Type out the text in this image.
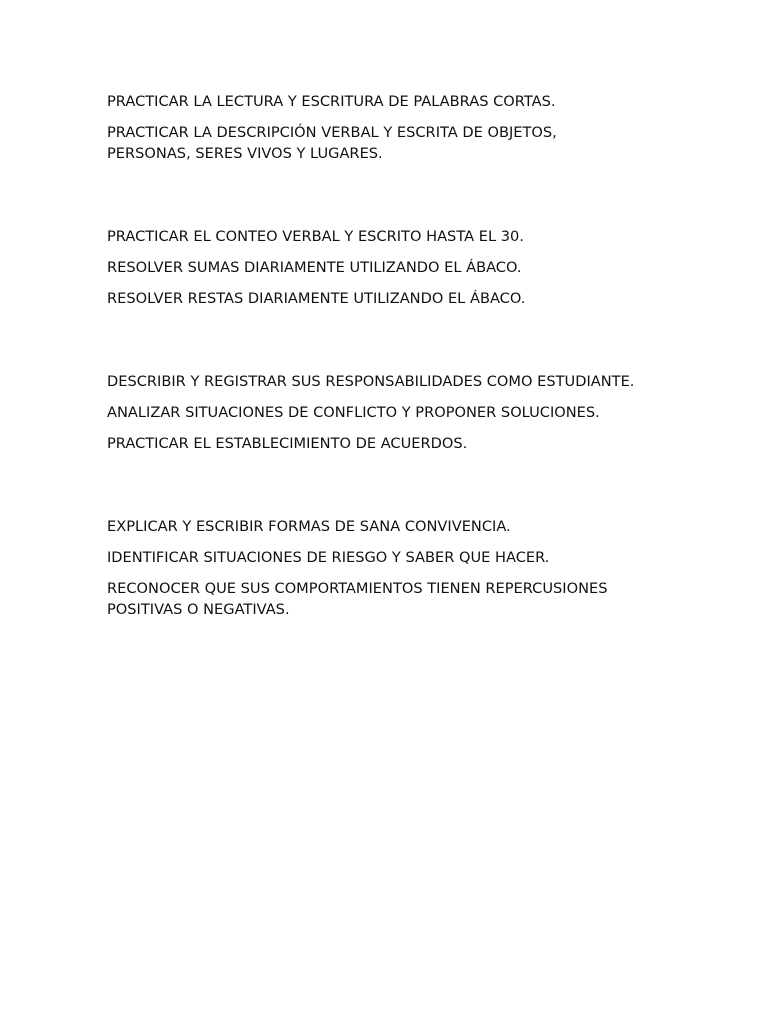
PRACTICAR LA LECTURA Y ESCRITURA DE PALABRAS CORTAS.

PRACTICAR LA DESCRIPCIÓN VERBAL Y ESCRITA DE OBJETOS,
PERSONAS, SERES VIVOS Y LUGARES.

PRACTICAR EL CONTEO VERBAL Y ESCRITO HASTA EL 30.

RESOLVER SUMAS DIARIAMENTE UTILIZANDO EL ÁBACO.

RESOLVER RESTAS DIARIAMENTE UTILIZANDO EL ÁBACO.

DESCRIBIR Y REGISTRAR SUS RESPONSABILIDADES COMO ESTUDIANTE.

ANALIZAR SITUACIONES DE CONFLICTO Y PROPONER SOLUCIONES.

PRACTICAR EL ESTABLECIMIENTO DE ACUERDOS.

EXPLICAR Y ESCRIBIR FORMAS DE SANA CONVIVENCIA.

IDENTIFICAR SITUACIONES DE RIESGO Y SABER QUE HACER.

RECONOCER QUE SUS COMPORTAMIENTOS TIENEN REPERCUSIONES
POSITIVAS O NEGATIVAS.
